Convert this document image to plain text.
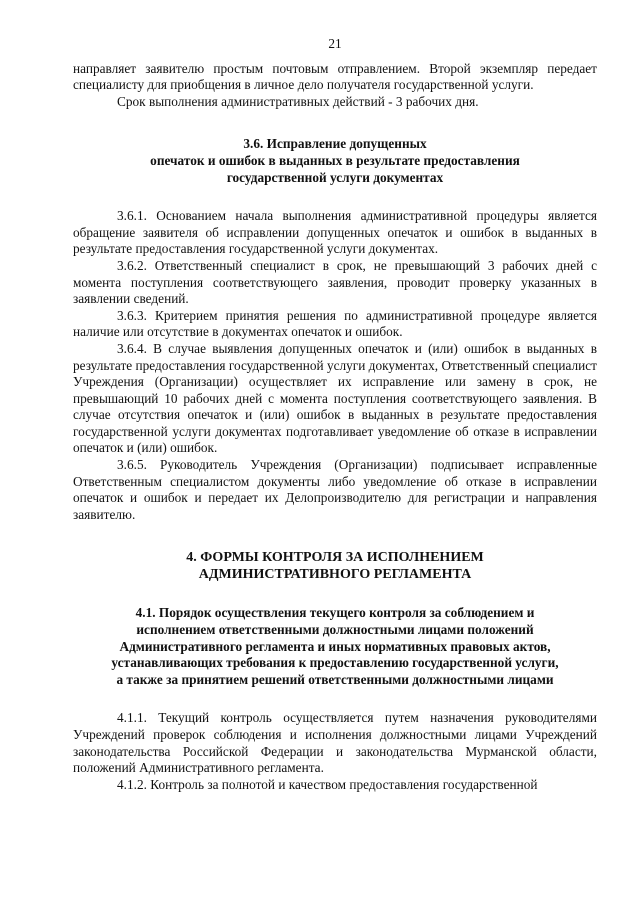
21

направляет заявителю простым почтовым отправлением. Второй экземпляр передает специалисту для приобщения в личное дело получателя государственной услуги.

Срок выполнения административных действий - 3 рабочих дня.

3.6. Исправление допущенных
опечаток и ошибок в выданных в результате предоставления
государственной услуги документах

3.6.1. Основанием начала выполнения административной процедуры является обращение заявителя об исправлении допущенных опечаток и ошибок в выданных в результате предоставления государственной услуги документах.

3.6.2. Ответственный специалист в срок, не превышающий 3 рабочих дней с момента поступления соответствующего заявления, проводит проверку указанных в заявлении сведений.

3.6.3. Критерием принятия решения по административной процедуре является наличие или отсутствие в документах опечаток и ошибок.

3.6.4. В случае выявления допущенных опечаток и (или) ошибок в выданных в результате предоставления государственной услуги документах, Ответственный специалист Учреждения (Организации) осуществляет их исправление или замену в срок, не превышающий 10 рабочих дней с момента поступления соответствующего заявления. В случае отсутствия опечаток и (или) ошибок в выданных в результате предоставления государственной услуги документах подготавливает уведомление об отказе в исправлении опечаток и (или) ошибок.

3.6.5. Руководитель Учреждения (Организации) подписывает исправленные Ответственным специалистом документы либо уведомление об отказе в исправлении опечаток и ошибок и передает их Делопроизводителю для регистрации и направления заявителю.

4. ФОРМЫ КОНТРОЛЯ ЗА ИСПОЛНЕНИЕМ
АДМИНИСТРАТИВНОГО РЕГЛАМЕНТА
4.1. Порядок осуществления текущего контроля за соблюдением и
исполнением ответственными должностными лицами положений
Административного регламента и иных нормативных правовых актов,
устанавливающих требования к предоставлению государственной услуги,
а также за принятием решений ответственными должностными лицами

4.1.1. Текущий контроль осуществляется путем назначения руководителями Учреждений проверок соблюдения и исполнения должностными лицами Учреждений законодательства Российской Федерации и законодательства Мурманской области, положений Административного регламента.

4.1.2. Контроль за полнотой и качеством предоставления государственной
